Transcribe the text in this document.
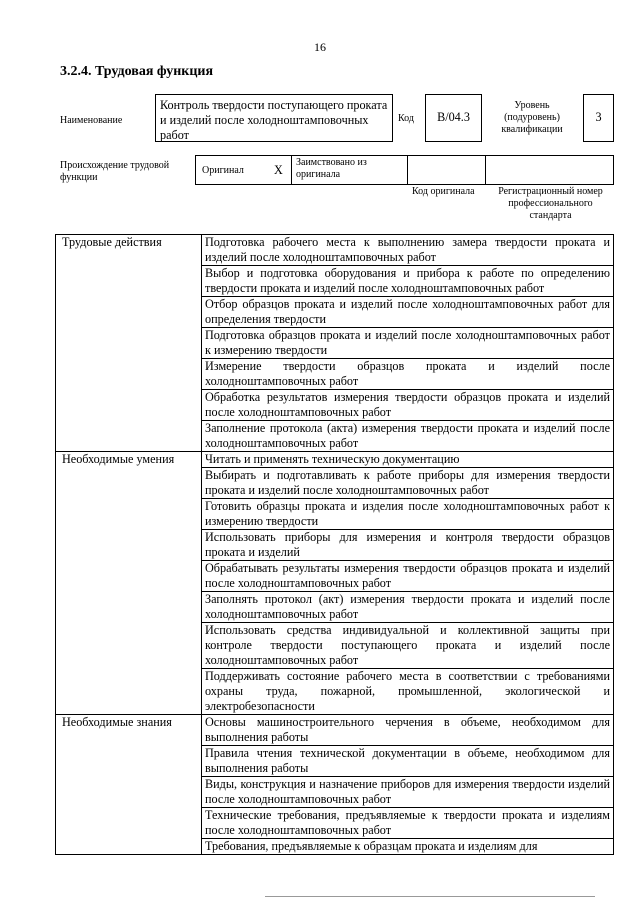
16
3.2.4. Трудовая функция
Наименование
Контроль твердости поступающего проката и изделий после холодноштамповочных работ
Код	B/04.3
Уровень (подуровень) квалификации
3
Происхождение трудовой функции
Оригинал X
Заимствовано из оригинала
Код оригинала	Регистрационный номер профессионального стандарта
Трудовые действия	Подготовка рабочего места к выполнению замера твердости проката и изделий после холодноштамповочных работ
	Выбор и подготовка оборудования и прибора к работе по определению твердости проката и изделий после холодноштамповочных работ
	Отбор образцов проката и изделий после холодноштамповочных работ для определения твердости
	Подготовка образцов проката и изделий после холодноштамповочных работ к измерению твердости
	Измерение твердости образцов проката и изделий после холодноштамповочных работ
	Обработка результатов измерения твердости образцов проката и изделий после холодноштамповочных работ
	Заполнение протокола (акта) измерения твердости проката и изделий после холодноштамповочных работ
Необходимые умения	Читать и применять техническую документацию
	Выбирать и подготавливать к работе приборы для измерения твердости проката и изделий после холодноштамповочных работ
	Готовить образцы проката и изделия после холодноштамповочных работ к измерению твердости
	Использовать приборы для измерения и контроля твердости образцов проката и изделий
	Обрабатывать результаты измерения твердости образцов проката и изделий после холодноштамповочных работ
	Заполнять протокол (акт) измерения твердости проката и изделий после холодноштамповочных работ
	Использовать средства индивидуальной и коллективной защиты при контроле твердости поступающего проката и изделий после холодноштамповочных работ
	Поддерживать состояние рабочего места в соответствии с требованиями охраны труда, пожарной, промышленной, экологической и электробезопасности
Необходимые знания	Основы машиностроительного черчения в объеме, необходимом для выполнения работы
	Правила чтения технической документации в объеме, необходимом для выполнения работы
	Виды, конструкция и назначение приборов для измерения твердости изделий после холодноштамповочных работ
	Технические требования, предъявляемые к твердости проката и изделиям после холодноштамповочных работ
	Требования, предъявляемые к образцам проката и изделиям для
